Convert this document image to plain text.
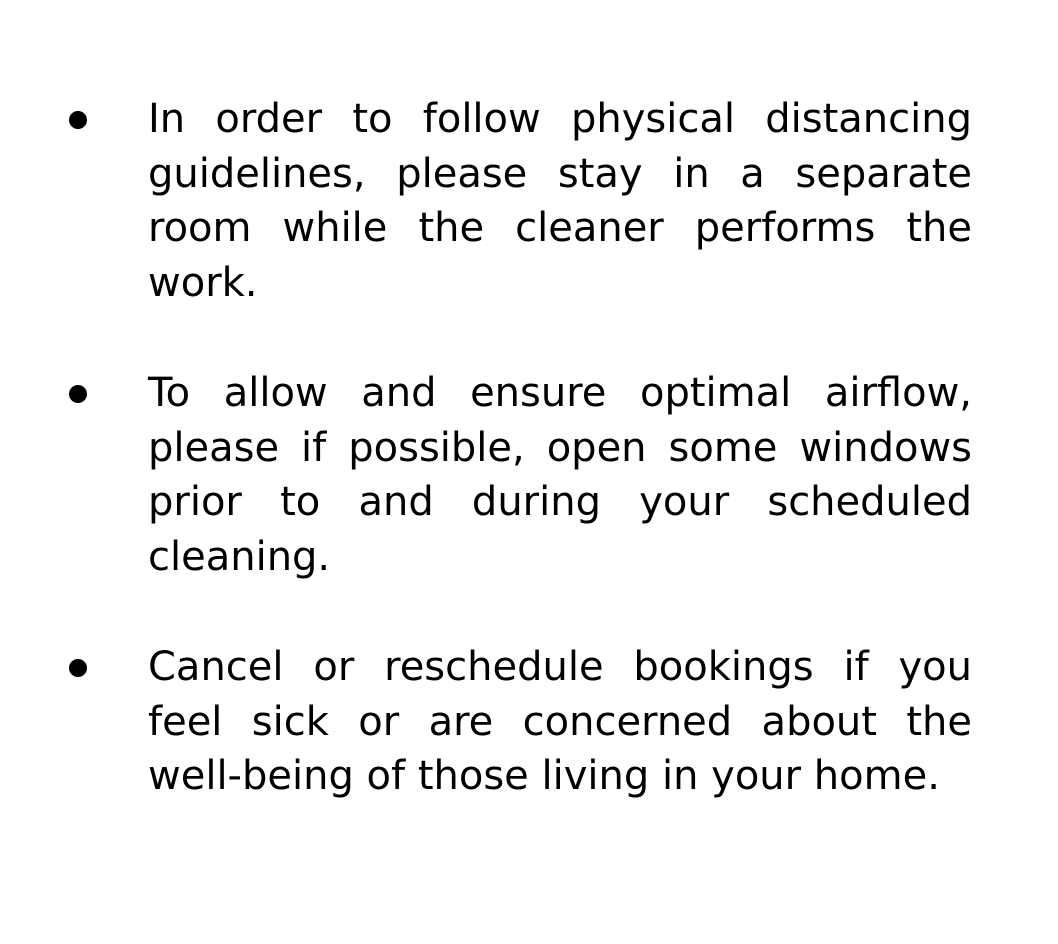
In order to follow physical distancing guidelines, please stay in a separate room while the cleaner performs the work.
To allow and ensure optimal airflow, please if possible, open some windows prior to and during your scheduled cleaning.
Cancel or reschedule bookings if you feel sick or are concerned about the well-being of those living in your home.
